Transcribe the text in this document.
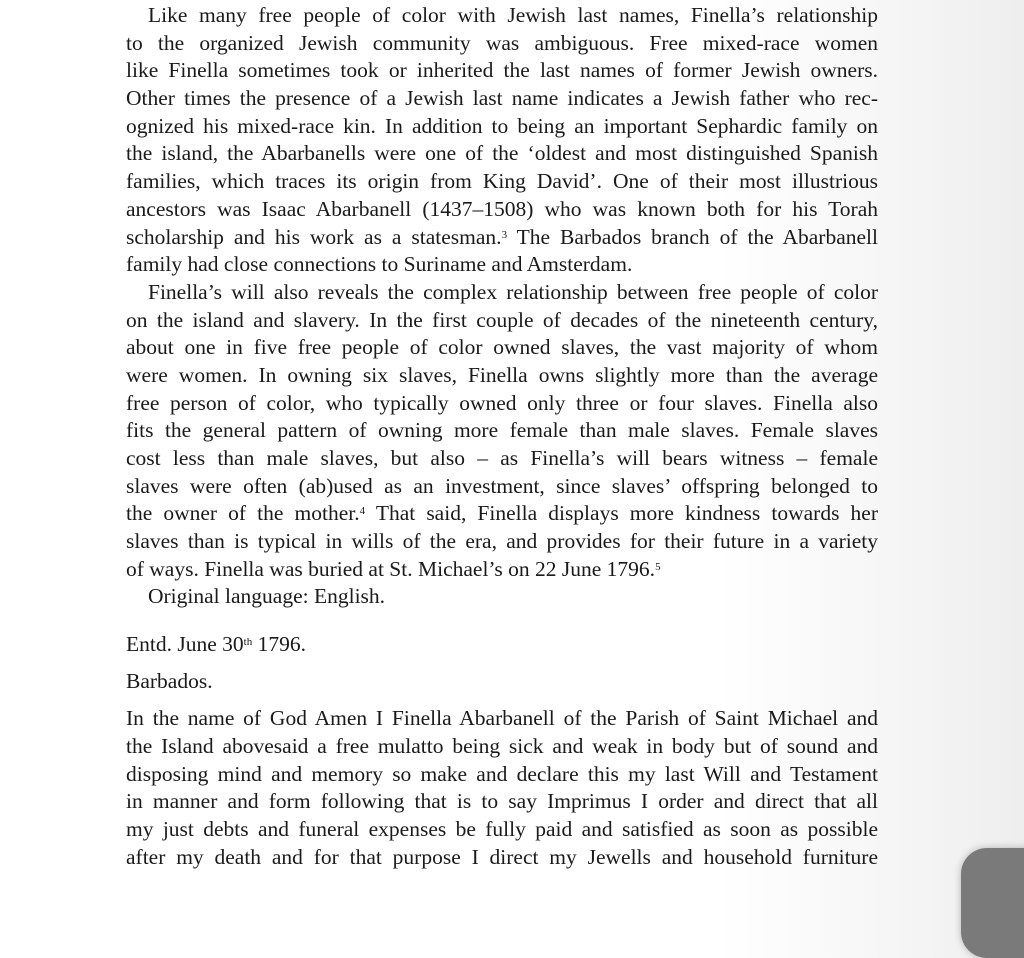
Like many free people of color with Jewish last names, Finella’s relationship
to the organized Jewish community was ambiguous. Free mixed-race women
like Finella sometimes took or inherited the last names of former Jewish owners.
Other times the presence of a Jewish last name indicates a Jewish father who rec-
ognized his mixed-race kin. In addition to being an important Sephardic family on
the island, the Abarbanells were one of the ‘oldest and most distinguished Spanish
families, which traces its origin from King David’. One of their most illustrious
ancestors was Isaac Abarbanell (1437–1508) who was known both for his Torah
scholarship and his work as a statesman.$^3$ The Barbados branch of the Abarbanell
family had close connections to Suriname and Amsterdam.
Finella’s will also reveals the complex relationship between free people of color
on the island and slavery. In the first couple of decades of the nineteenth century,
about one in five free people of color owned slaves, the vast majority of whom
were women. In owning six slaves, Finella owns slightly more than the average
free person of color, who typically owned only three or four slaves. Finella also
fits the general pattern of owning more female than male slaves. Female slaves
cost less than male slaves, but also – as Finella’s will bears witness – female
slaves were often (ab)used as an investment, since slaves’ offspring belonged to
the owner of the mother.$^4$ That said, Finella displays more kindness towards her
slaves than is typical in wills of the era, and provides for their future in a variety
of ways. Finella was buried at St. Michael’s on 22 June 1796.$^5$
Original language: English.
Entd. June 30th 1796.
Barbados.
In the name of God Amen I Finella Abarbanell of the Parish of Saint Michael and
the Island abovesaid a free mulatto being sick and weak in body but of sound and
disposing mind and memory so make and declare this my last Will and Testament
in manner and form following that is to say Imprimus I order and direct that all
my just debts and funeral expenses be fully paid and satisfied as soon as possible
after my death and for that purpose I direct my Jewells and household furniture
